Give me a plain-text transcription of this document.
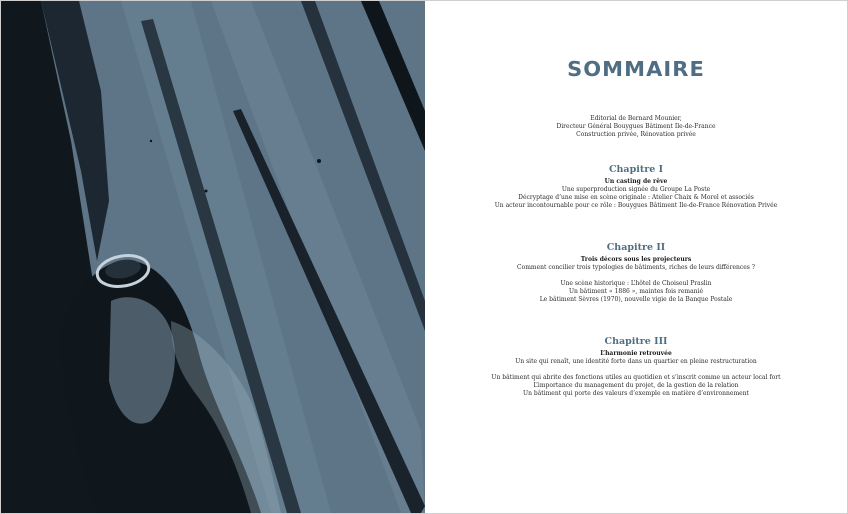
SOMMAIRE
Editorial de Bernard Mounier,
Directeur Général Bouygues Bâtiment Ile-de-France
Construction privée, Rénovation privée
Chapitre I
Un casting de rêve
Une superproduction signée du Groupe La Poste
Décryptage d’une mise en scène originale : Atelier Chaix & Morel et associés
Un acteur incontournable pour ce rôle : Bouygues Bâtiment Ile-de-France Rénovation Privée
Chapitre II
Trois décors sous les projecteurs
Comment concilier trois typologies de bâtiments, riches de leurs différences ?
Une scène historique : L’hôtel de Choiseul Praslin
Un bâtiment « 1886 », maintes fois remanié
Le bâtiment Sèvres (1970), nouvelle vigie de la Banque Postale
Chapitre III
L’harmonie retrouvée
Un site qui renaît, une identité forte dans un quartier en pleine restructuration
Un bâtiment qui abrite des fonctions utiles au quotidien et s’inscrit comme un acteur local fort
L’importance du management du projet, de la gestion de la relation
Un bâtiment qui porte des valeurs d’exemple en matière d’environnement
